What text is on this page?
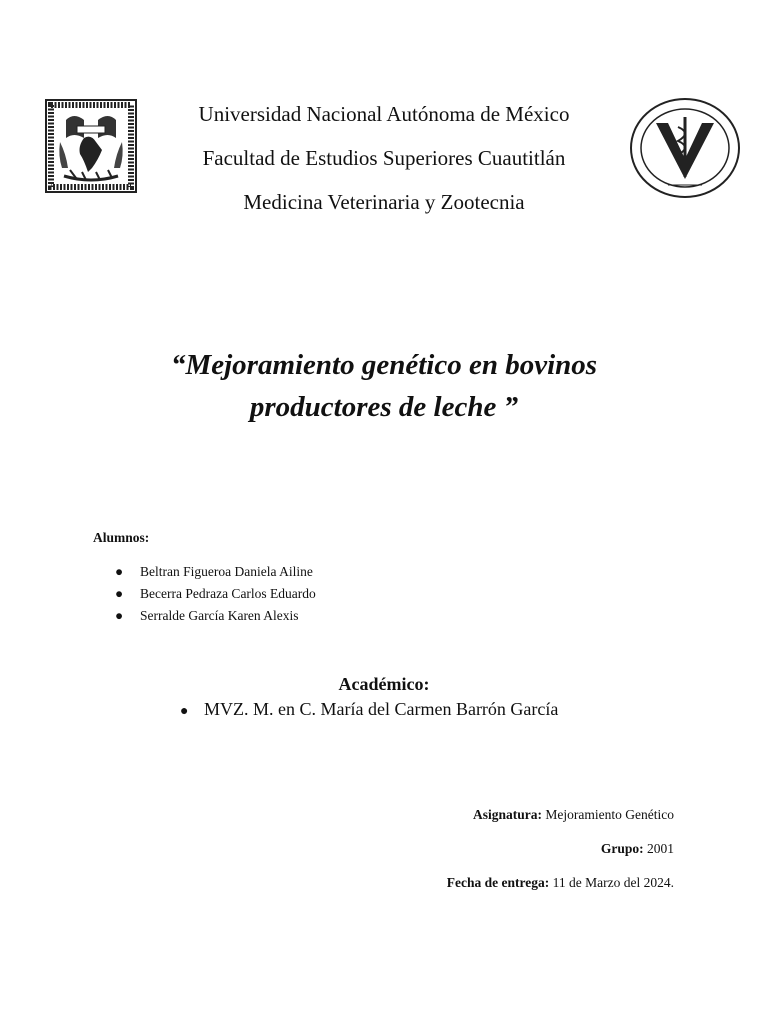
Universidad Nacional Autónoma de México
Facultad de Estudios Superiores Cuautitlán
Medicina Veterinaria y Zootecnia
“Mejoramiento genético en bovinos
productores de leche ”
Alumnos:
● Beltran Figueroa Daniela Ailine
● Becerra Pedraza Carlos Eduardo
● Serralde García Karen Alexis
Académico:
● MVZ. M. en C. María del Carmen Barrón García
Asignatura: Mejoramiento Genético
Grupo: 2001
Fecha de entrega: 11 de Marzo del 2024.
